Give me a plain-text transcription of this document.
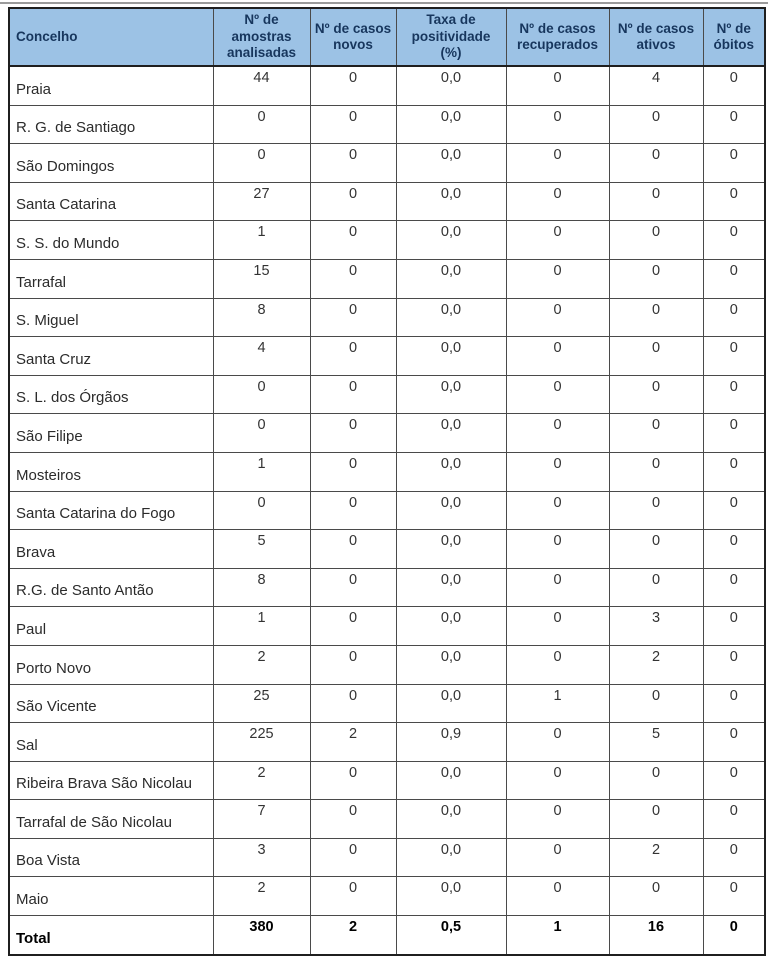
Concelho	Nº de amostras analisadas	Nº de casos novos	Taxa de positividade (%)	Nº de casos recuperados	Nº de casos ativos	Nº de óbitos
Praia	44	0	0,0	0	4	0
R. G. de Santiago	0	0	0,0	0	0	0
São Domingos	0	0	0,0	0	0	0
Santa Catarina	27	0	0,0	0	0	0
S. S. do Mundo	1	0	0,0	0	0	0
Tarrafal	15	0	0,0	0	0	0
S. Miguel	8	0	0,0	0	0	0
Santa Cruz	4	0	0,0	0	0	0
S. L. dos Órgãos	0	0	0,0	0	0	0
São Filipe	0	0	0,0	0	0	0
Mosteiros	1	0	0,0	0	0	0
Santa Catarina do Fogo	0	0	0,0	0	0	0
Brava	5	0	0,0	0	0	0
R.G. de Santo Antão	8	0	0,0	0	0	0
Paul	1	0	0,0	0	3	0
Porto Novo	2	0	0,0	0	2	0
São Vicente	25	0	0,0	1	0	0
Sal	225	2	0,9	0	5	0
Ribeira Brava São Nicolau	2	0	0,0	0	0	0
Tarrafal de São Nicolau	7	0	0,0	0	0	0
Boa Vista	3	0	0,0	0	2	0
Maio	2	0	0,0	0	0	0
Total	380	2	0,5	1	16	0
